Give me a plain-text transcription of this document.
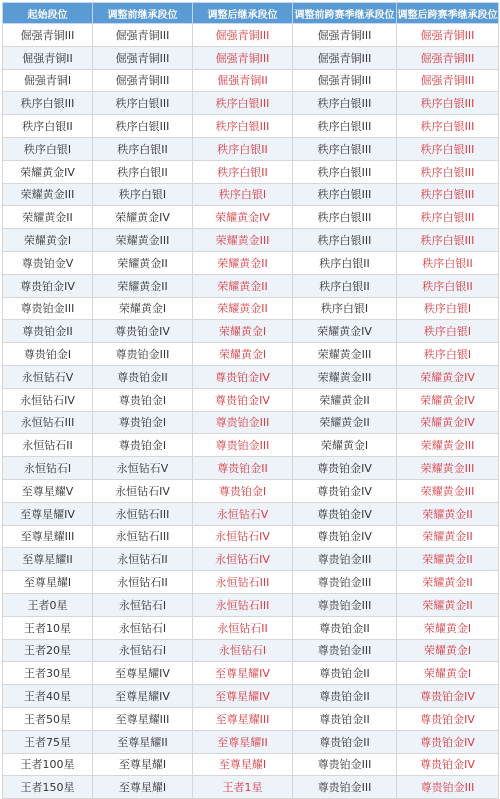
起始段位	调整前继承段位	调整后继承段位	调整前跨赛季继承段位	调整后跨赛季继承段位
倔强青铜III	倔强青铜III	倔强青铜III	倔强青铜III	倔强青铜III
倔强青铜II	倔强青铜III	倔强青铜III	倔强青铜III	倔强青铜III
倔强青铜I	倔强青铜III	倔强青铜II	倔强青铜III	倔强青铜III
秩序白银III	秩序白银III	秩序白银III	秩序白银III	秩序白银III
秩序白银II	秩序白银III	秩序白银III	秩序白银III	秩序白银III
秩序白银I	秩序白银II	秩序白银II	秩序白银III	秩序白银III
荣耀黄金IV	秩序白银II	秩序白银II	秩序白银III	秩序白银III
荣耀黄金III	秩序白银I	秩序白银I	秩序白银III	秩序白银III
荣耀黄金II	荣耀黄金IV	荣耀黄金IV	秩序白银III	秩序白银III
荣耀黄金I	荣耀黄金III	荣耀黄金III	秩序白银III	秩序白银III
尊贵铂金V	荣耀黄金II	荣耀黄金II	秩序白银II	秩序白银II
尊贵铂金IV	荣耀黄金II	荣耀黄金II	秩序白银II	秩序白银II
尊贵铂金III	荣耀黄金I	荣耀黄金II	秩序白银I	秩序白银I
尊贵铂金II	尊贵铂金IV	荣耀黄金I	荣耀黄金IV	秩序白银I
尊贵铂金I	尊贵铂金III	荣耀黄金I	荣耀黄金III	秩序白银I
永恒钻石V	尊贵铂金II	尊贵铂金IV	荣耀黄金III	荣耀黄金IV
永恒钻石IV	尊贵铂金I	尊贵铂金IV	荣耀黄金II	荣耀黄金IV
永恒钻石III	尊贵铂金I	尊贵铂金III	荣耀黄金II	荣耀黄金IV
永恒钻石II	尊贵铂金I	尊贵铂金III	荣耀黄金I	荣耀黄金III
永恒钻石I	永恒钻石V	尊贵铂金II	尊贵铂金IV	荣耀黄金III
至尊星耀V	永恒钻石IV	尊贵铂金I	尊贵铂金IV	荣耀黄金III
至尊星耀IV	永恒钻石III	永恒钻石V	尊贵铂金IV	荣耀黄金II
至尊星耀III	永恒钻石III	永恒钻石IV	尊贵铂金IV	荣耀黄金II
至尊星耀II	永恒钻石II	永恒钻石IV	尊贵铂金III	荣耀黄金II
至尊星耀I	永恒钻石II	永恒钻石III	尊贵铂金III	荣耀黄金II
王者0星	永恒钻石I	永恒钻石III	尊贵铂金III	荣耀黄金II
王者10星	永恒钻石I	永恒钻石II	尊贵铂金II	荣耀黄金I
王者20星	永恒钻石I	永恒钻石I	尊贵铂金III	荣耀黄金I
王者30星	至尊星耀IV	至尊星耀IV	尊贵铂金II	荣耀黄金I
王者40星	至尊星耀IV	至尊星耀IV	尊贵铂金II	尊贵铂金IV
王者50星	至尊星耀III	至尊星耀III	尊贵铂金II	尊贵铂金IV
王者75星	至尊星耀II	至尊星耀II	尊贵铂金II	尊贵铂金IV
王者100星	至尊星耀I	至尊星耀I	尊贵铂金III	尊贵铂金IV
王者150星	至尊星耀I	王者1星	尊贵铂金III	尊贵铂金III
